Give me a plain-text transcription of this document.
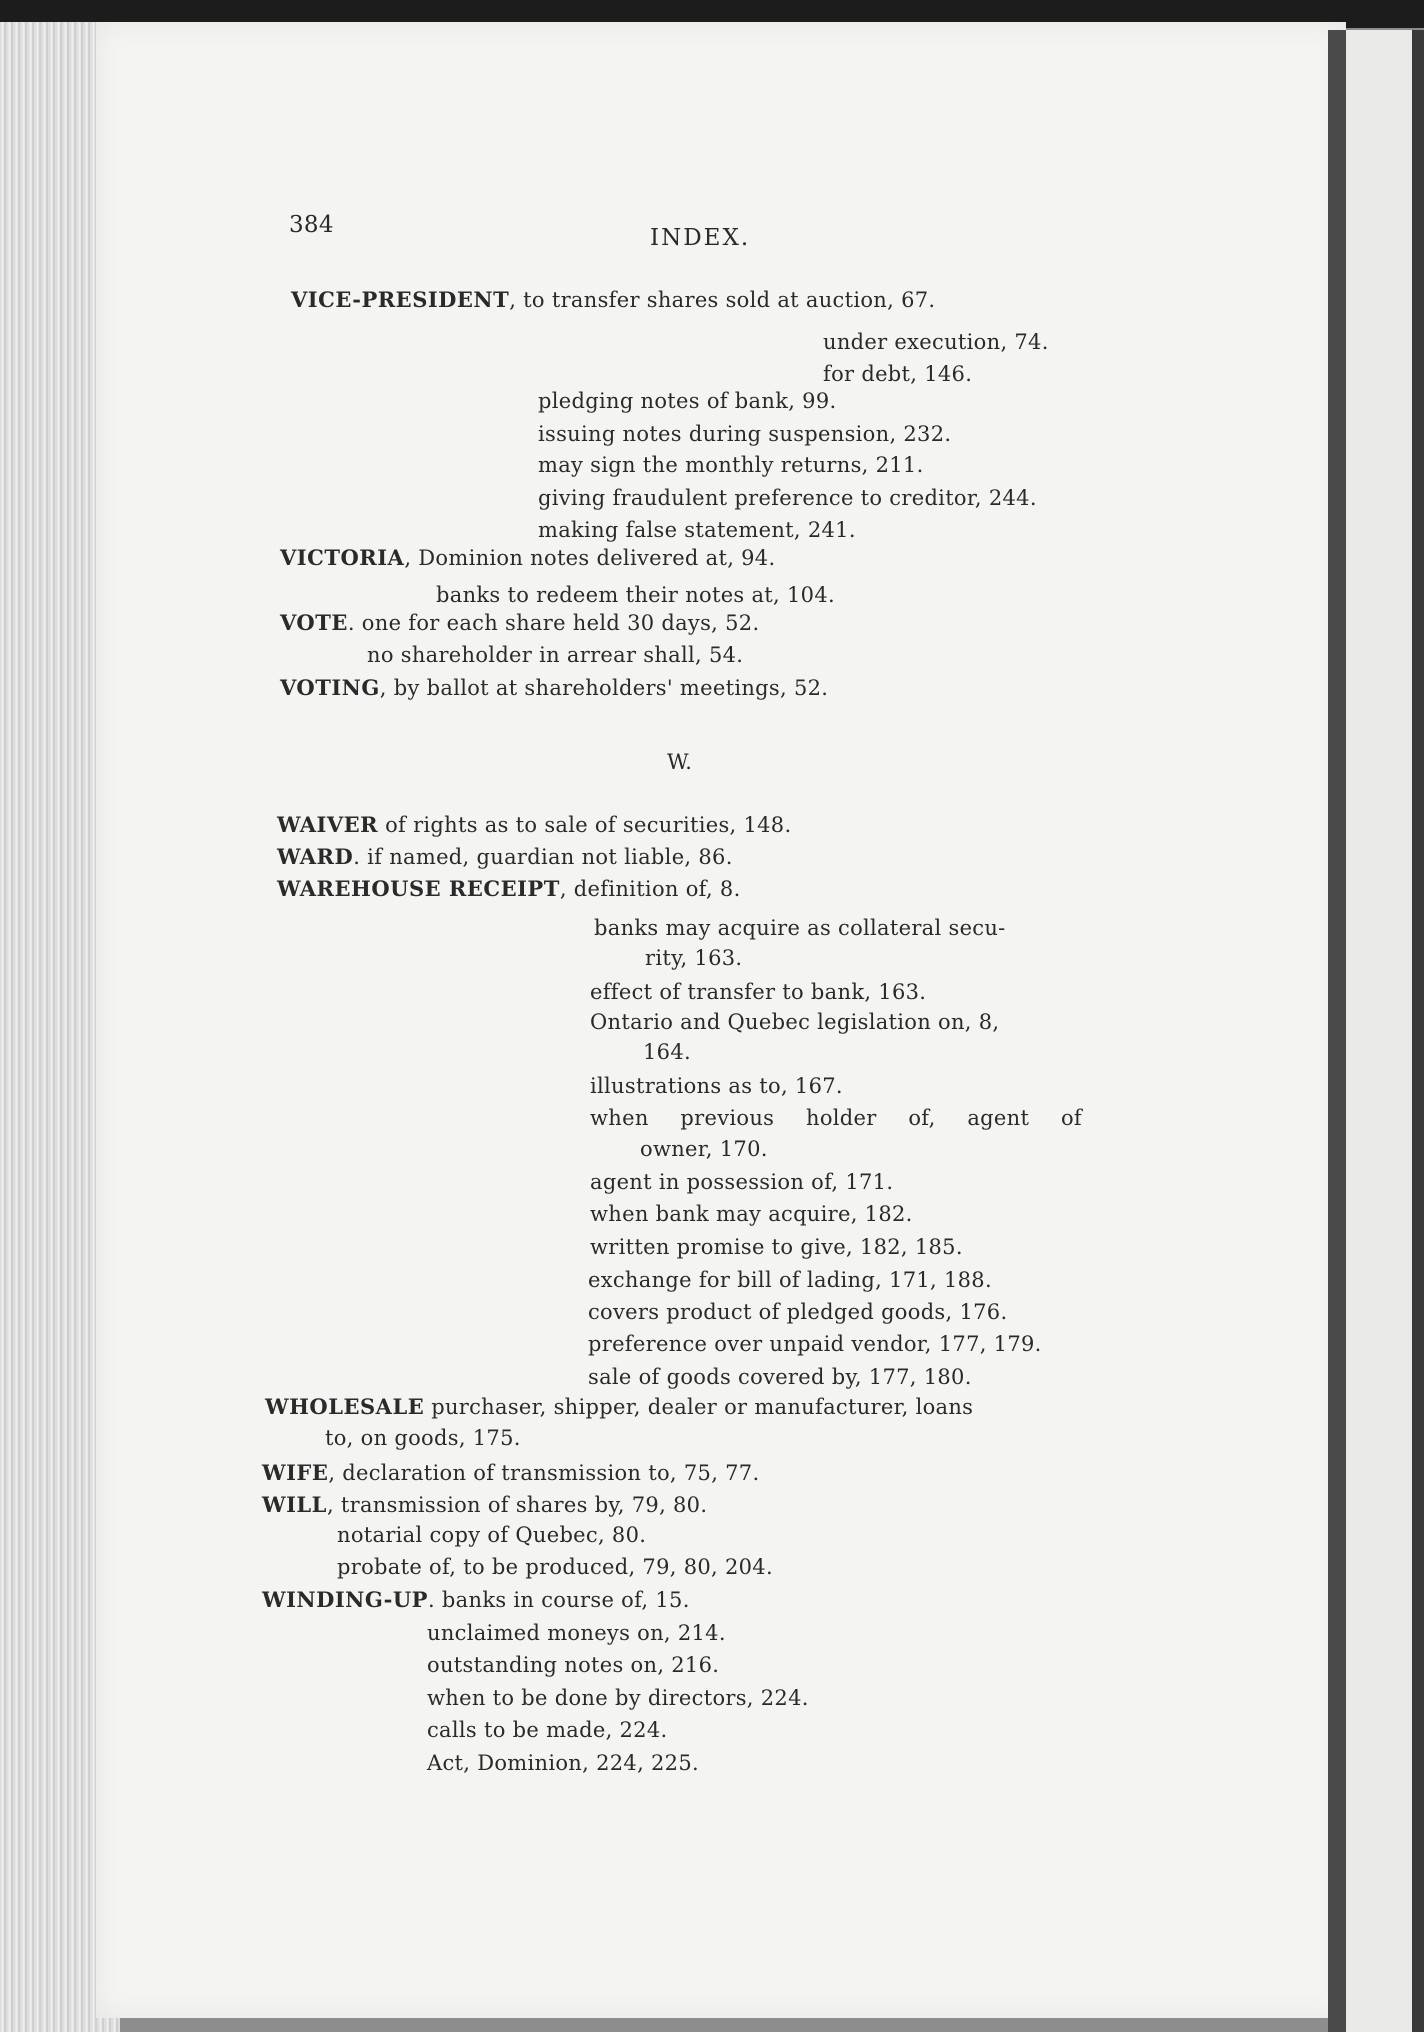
384	INDEX.
VICE-PRESIDENT, to transfer shares sold at auction, 67.
under execution, 74.
for debt, 146.
pledging notes of bank, 99.
issuing notes during suspension, 232.
may sign the monthly returns, 211.
giving fraudulent preference to creditor, 244.
making false statement, 241.
VICTORIA, Dominion notes delivered at, 94.
banks to redeem their notes at, 104.
VOTE. one for each share held 30 days, 52.
no shareholder in arrear shall, 54.
VOTING, by ballot at shareholders' meetings, 52.
W.
WAIVER of rights as to sale of securities, 148.
WARD. if named, guardian not liable, 86.
WAREHOUSE RECEIPT, definition of, 8.
banks may acquire as collateral secu-
rity, 163.
effect of transfer to bank, 163.
Ontario and Quebec legislation on, 8,
164.
illustrations as to, 167.
when previous holder of, agent of
owner, 170.
agent in possession of, 171.
when bank may acquire, 182.
written promise to give, 182, 185.
exchange for bill of lading, 171, 188.
covers product of pledged goods, 176.
preference over unpaid vendor, 177, 179.
sale of goods covered by, 177, 180.
WHOLESALE purchaser, shipper, dealer or manufacturer, loans
to, on goods, 175.
WIFE, declaration of transmission to, 75, 77.
WILL, transmission of shares by, 79, 80.
notarial copy of Quebec, 80.
probate of, to be produced, 79, 80, 204.
WINDING-UP. banks in course of, 15.
unclaimed moneys on, 214.
outstanding notes on, 216.
when to be done by directors, 224.
calls to be made, 224.
Act, Dominion, 224, 225.
